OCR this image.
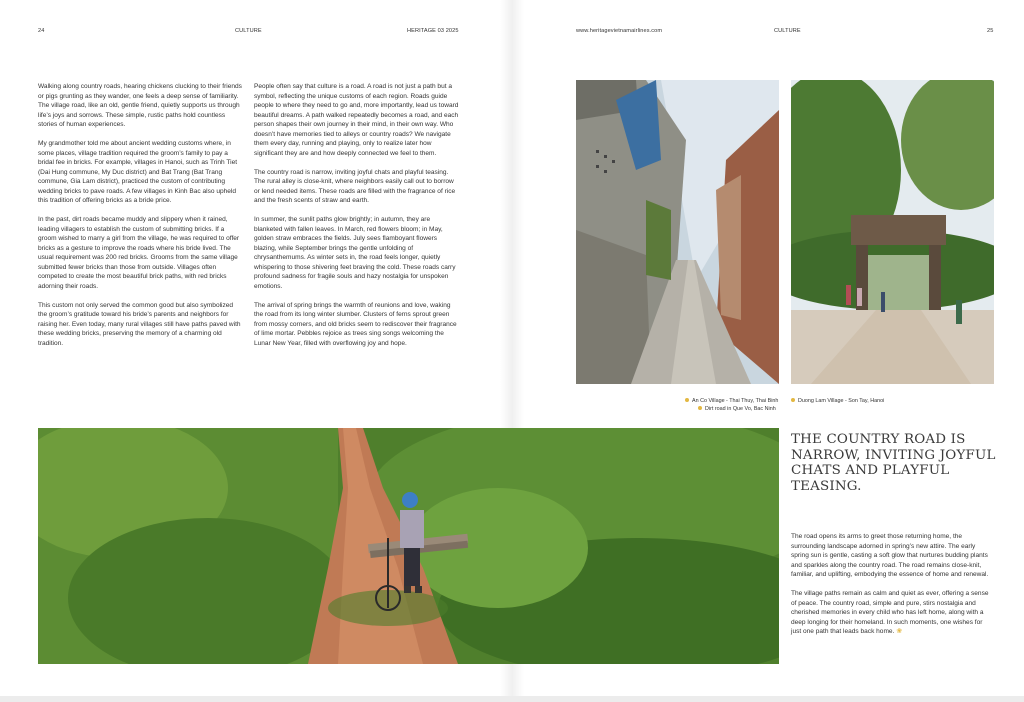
24	CULTURE	HERITAGE 03 2025	www.heritagevietnamairlines.com	CULTURE	25

Walking along country roads, hearing chickens clucking to their friends or pigs grunting as they wander, one feels a deep sense of familiarity. The village road, like an old, gentle friend, quietly supports us through life’s joys and sorrows. These simple, rustic paths hold countless stories of human experiences.

My grandmother told me about ancient wedding customs where, in some places, village tradition required the groom’s family to pay a bridal fee in bricks. For example, villages in Hanoi, such as Trinh Tiet (Dai Hung commune, My Duc district) and Bat Trang (Bat Trang commune, Gia Lam district), practiced the custom of contributing wedding bricks to pave roads. A few villages in Kinh Bac also upheld this tradition of offering bricks as a bride price.

In the past, dirt roads became muddy and slippery when it rained, leading villagers to establish the custom of submitting bricks. If a groom wished to marry a girl from the village, he was required to offer bricks as a gesture to improve the roads where his bride lived. The usual requirement was 200 red bricks. Grooms from the same village submitted fewer bricks than those from outside. Villages often competed to create the most beautiful brick paths, with red bricks adorning their roads.

This custom not only served the common good but also symbolized the groom’s gratitude toward his bride’s parents and neighbors for raising her. Even today, many rural villages still have paths paved with these wedding bricks, preserving the memory of a charming old tradition.

People often say that culture is a road. A road is not just a path but a symbol, reflecting the unique customs of each region. Roads guide people to where they need to go and, more importantly, lead us toward beautiful dreams. A path walked repeatedly becomes a road, and each person shapes their own journey in their mind, in their own way. Who doesn’t have memories tied to alleys or country roads? We navigate them every day, running and playing, only to realize later how significant they are and how deeply connected we feel to them.

The country road is narrow, inviting joyful chats and playful teasing. The rural alley is close-knit, where neighbors easily call out to borrow or lend needed items. These roads are filled with the fragrance of rice and the fresh scents of straw and earth.

In summer, the sunlit paths glow brightly; in autumn, they are blanketed with fallen leaves. In March, red flowers bloom; in May, golden straw embraces the fields. July sees flamboyant flowers blazing, while September brings the gentle unfolding of chrysanthemums. As winter sets in, the road feels longer, quietly whispering to those shivering feet braving the cold. These roads carry profound sadness for fragile souls and hazy nostalgia for unspoken emotions.

The arrival of spring brings the warmth of reunions and love, waking the road from its long winter slumber. Clusters of ferns sprout green from mossy corners, and old bricks seem to rediscover their fragrance of lime mortar. Pebbles rejoice as trees sing songs welcoming the Lunar New Year, filled with overflowing joy and hope.

An Co Village - Thai Thuy, Thai Binh
Dirt road in Que Vo, Bac Ninh
Duong Lam Village - Son Tay, Hanoi
THE COUNTRY ROAD IS NARROW, INVITING JOYFUL CHATS AND PLAYFUL TEASING.

The road opens its arms to greet those returning home, the surrounding landscape adorned in spring’s new attire. The early spring sun is gentle, casting a soft glow that nurtures budding plants and sparkles along the country road. The road remains close-knit, familiar, and uplifting, embodying the essence of home and renewal.

The village paths remain as calm and quiet as ever, offering a sense of peace. The country road, simple and pure, stirs nostalgia and cherished memories in every child who has left home, along with a deep longing for their homeland. In such moments, one wishes for just one path that leads back home. ❀
